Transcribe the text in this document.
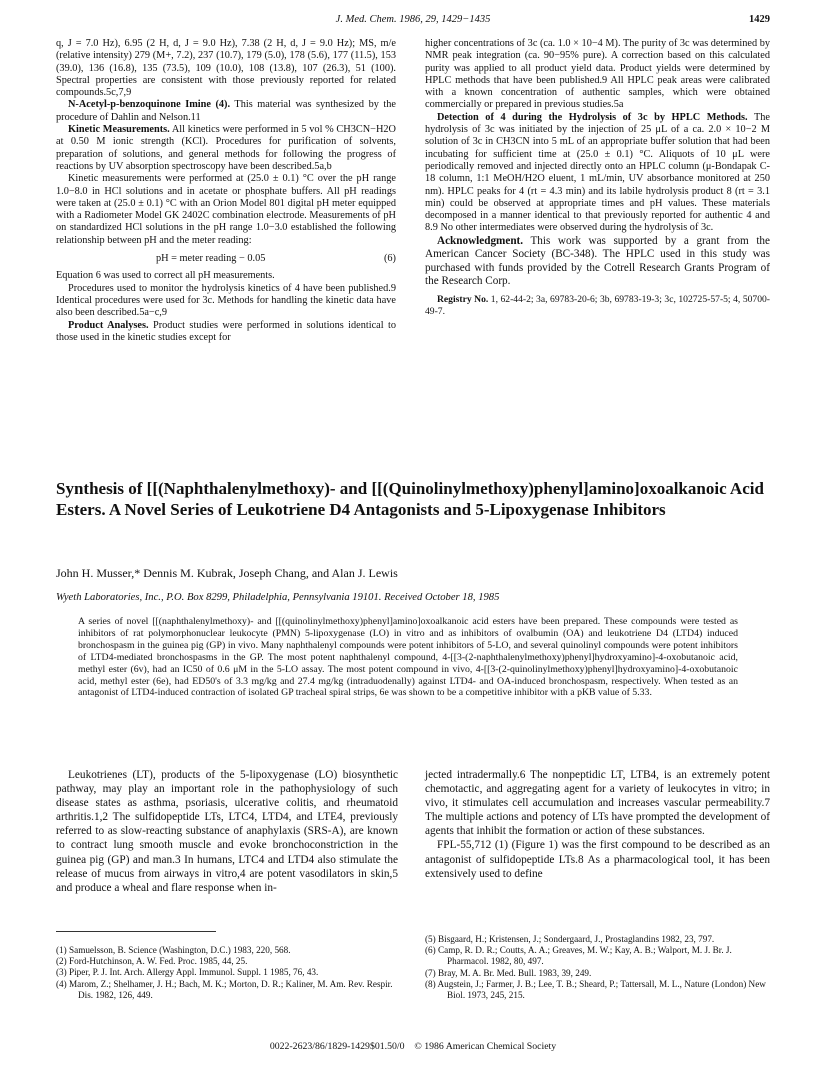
J. Med. Chem. 1986, 29, 1429−1435	1429

q, J = 7.0 Hz), 6.95 (2 H, d, J = 9.0 Hz), 7.38 (2 H, d, J = 9.0 Hz); MS, m/e (relative intensity) 279 (M+, 7.2), 237 (10.7), 179 (5.0), 178 (5.6), 177 (11.5), 153 (39.0), 136 (16.8), 135 (73.5), 109 (10.0), 108 (13.8), 107 (26.3), 51 (100). Spectral properties are consistent with those previously reported for related compounds.5c,7,9

N-Acetyl-p-benzoquinone Imine (4). This material was synthesized by the procedure of Dahlin and Nelson.11

Kinetic Measurements. All kinetics were performed in 5 vol % CH3CN−H2O at 0.50 M ionic strength (KCl). Procedures for purification of solvents, preparation of solutions, and general methods for following the progress of reactions by UV absorption spectroscopy have been described.5a,b

Kinetic measurements were performed at (25.0 ± 0.1) °C over the pH range 1.0−8.0 in HCl solutions and in acetate or phosphate buffers. All pH readings were taken at (25.0 ± 0.1) °C with an Orion Model 801 digital pH meter equipped with a Radiometer Model GK 2402C combination electrode. Measurements of pH on standardized HCl solutions in the pH range 1.0−3.0 established the following relationship between pH and the meter reading:

pH = meter reading − 0.05	(6)

Equation 6 was used to correct all pH measurements.

Procedures used to monitor the hydrolysis kinetics of 4 have been published.9 Identical procedures were used for 3c. Methods for handling the kinetic data have also been described.5a−c,9

Product Analyses. Product studies were performed in solutions identical to those used in the kinetic studies except for

higher concentrations of 3c (ca. 1.0 × 10−4 M). The purity of 3c was determined by NMR peak integration (ca. 90−95% pure). A correction based on this calculated purity was applied to all product yield data. Product yields were determined by HPLC methods that have been published.9 All HPLC peak areas were calibrated with a known concentration of authentic samples, which were obtained commercially or prepared in previous studies.5a

Detection of 4 during the Hydrolysis of 3c by HPLC Methods. The hydrolysis of 3c was initiated by the injection of 25 μL of a ca. 2.0 × 10−2 M solution of 3c in CH3CN into 5 mL of an appropriate buffer solution that had been incubating for sufficient time at (25.0 ± 0.1) °C. Aliquots of 10 μL were periodically removed and injected directly onto an HPLC column (μ-Bondapak C-18 column, 1:1 MeOH/H2O eluent, 1 mL/min, UV absorbance monitored at 250 nm). HPLC peaks for 4 (rt = 4.3 min) and its labile hydrolysis product 8 (rt = 3.1 min) could be observed at appropriate times and pH values. These materials decomposed in a manner identical to that previously reported for authentic 4 and 8.9 No other intermediates were observed during the hydrolysis of 3c.

Acknowledgment. This work was supported by a grant from the American Cancer Society (BC-348). The HPLC used in this study was purchased with funds provided by the Cotrell Research Grants Program of the Research Corp.

Registry No. 1, 62-44-2; 3a, 69783-20-6; 3b, 69783-19-3; 3c, 102725-57-5; 4, 50700-49-7.

Synthesis of [[(Naphthalenylmethoxy)- and [[(Quinolinylmethoxy)phenyl]amino]oxoalkanoic Acid Esters. A Novel Series of Leukotriene D4 Antagonists and 5-Lipoxygenase Inhibitors
John H. Musser,* Dennis M. Kubrak, Joseph Chang, and Alan J. Lewis
Wyeth Laboratories, Inc., P.O. Box 8299, Philadelphia, Pennsylvania 19101. Received October 18, 1985
A series of novel [[(naphthalenylmethoxy)- and [[(quinolinylmethoxy)phenyl]amino]oxoalkanoic acid esters have been prepared. These compounds were tested as inhibitors of rat polymorphonuclear leukocyte (PMN) 5-lipoxygenase (LO) in vitro and as inhibitors of ovalbumin (OA) and leukotriene D4 (LTD4) induced bronchospasm in the guinea pig (GP) in vivo. Many naphthalenyl compounds were potent inhibitors of 5-LO, and several quinolinyl compounds were potent inhibitors of LTD4-mediated bronchospasms in the GP. The most potent naphthalenyl compound, 4-[[3-(2-naphthalenylmethoxy)phenyl]hydroxyamino]-4-oxobutanoic acid, methyl ester (6v), had an IC50 of 0.6 μM in the 5-LO assay. The most potent compound in vivo, 4-[[3-(2-quinolinylmethoxy)phenyl]hydroxyamino]-4-oxobutanoic acid, methyl ester (6e), had ED50's of 3.3 mg/kg and 27.4 mg/kg (intraduodenally) against LTD4- and OA-induced bronchospasm, respectively. When tested as an antagonist of LTD4-induced contraction of isolated GP tracheal spiral strips, 6e was shown to be a competitive inhibitor with a pKB value of 5.33.

Leukotrienes (LT), products of the 5-lipoxygenase (LO) biosynthetic pathway, may play an important role in the pathophysiology of such disease states as asthma, psoriasis, ulcerative colitis, and rheumatoid arthritis.1,2 The sulfidopeptide LTs, LTC4, LTD4, and LTE4, previously referred to as slow-reacting substance of anaphylaxis (SRS-A), are known to contract lung smooth muscle and evoke bronchoconstriction in the guinea pig (GP) and man.3 In humans, LTC4 and LTD4 also stimulate the release of mucus from airways in vitro,4 are potent vasodilators in skin,5 and produce a wheal and flare response when in-

jected intradermally.6 The nonpeptidic LT, LTB4, is an extremely potent chemotactic, and aggregating agent for a variety of leukocytes in vitro; in vivo, it stimulates cell accumulation and increases vascular permeability.7 The multiple actions and potency of LTs have prompted the development of agents that inhibit the formation or action of these substances.

FPL-55,712 (1) (Figure 1) was the first compound to be described as an antagonist of sulfidopeptide LTs.8 As a pharmacological tool, it has been extensively used to define

(1) Samuelsson, B. Science (Washington, D.C.) 1983, 220, 568.
(2) Ford-Hutchinson, A. W. Fed. Proc. 1985, 44, 25.
(3) Piper, P. J. Int. Arch. Allergy Appl. Immunol. Suppl. 1 1985, 76, 43.
(4) Marom, Z.; Shelhamer, J. H.; Bach, M. K.; Morton, D. R.; Kaliner, M. Am. Rev. Respir. Dis. 1982, 126, 449.
(5) Bisgaard, H.; Kristensen, J.; Sondergaard, J., Prostaglandins 1982, 23, 797.
(6) Camp, R. D. R.; Coutts, A. A.; Greaves, M. W.; Kay, A. B.; Walport, M. J. Br. J. Pharmacol. 1982, 80, 497.
(7) Bray, M. A. Br. Med. Bull. 1983, 39, 249.
(8) Augstein, J.; Farmer, J. B.; Lee, T. B.; Sheard, P.; Tattersall, M. L., Nature (London) New Biol. 1973, 245, 215.
0022-2623/86/1829-1429$01.50/0 © 1986 American Chemical Society
